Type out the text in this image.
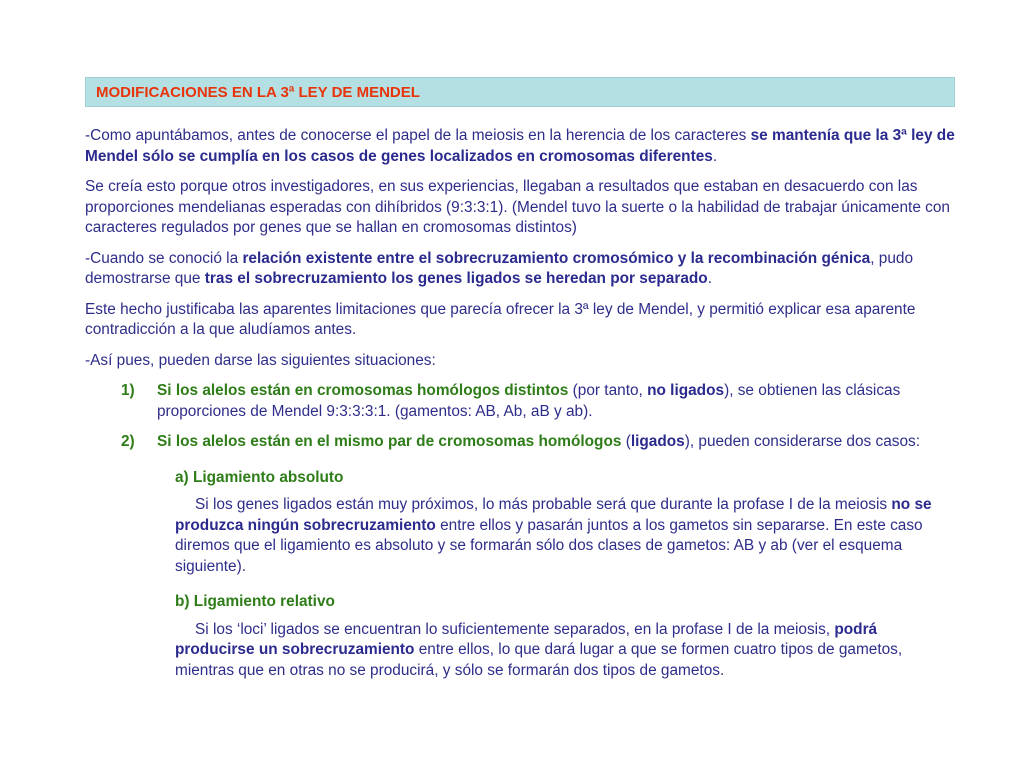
MODIFICACIONES EN LA 3ª LEY DE MENDEL

-Como apuntábamos, antes de conocerse el papel de la meiosis en la herencia de los caracteres se mantenía que la 3ª ley de Mendel sólo se cumplía en los casos de genes localizados en cromosomas diferentes.

Se creía esto porque otros investigadores, en sus experiencias, llegaban a resultados que estaban en desacuerdo con las proporciones mendelianas esperadas con dihíbridos (9:3:3:1). (Mendel tuvo la suerte o la habilidad de trabajar únicamente con caracteres regulados por genes que se hallan en cromosomas distintos)

-Cuando se conoció la relación existente entre el sobrecruzamiento cromosómico y la recombinación génica, pudo demostrarse que tras el sobrecruzamiento los genes ligados se heredan por separado.

Este hecho justificaba las aparentes limitaciones que parecía ofrecer la 3ª ley de Mendel, y permitió explicar esa aparente contradicción a la que aludíamos antes.

-Así pues, pueden darse las siguientes situaciones:

1)	Si los alelos están en cromosomas homólogos distintos (por tanto, no ligados), se obtienen las clásicas proporciones de Mendel 9:3:3:3:1. (gamentos: AB, Ab, aB y ab).
2)	Si los alelos están en el mismo par de cromosomas homólogos (ligados), pueden considerarse dos casos:

a) Ligamiento absoluto

Si los genes ligados están muy próximos, lo más probable será que durante la profase I de la meiosis no se produzca ningún sobrecruzamiento entre ellos y pasarán juntos a los gametos sin separarse. En este caso diremos que el ligamiento es absoluto y se formarán sólo dos clases de gametos: AB y ab (ver el esquema siguiente).

b) Ligamiento relativo

Si los ‘loci’ ligados se encuentran lo suficientemente separados, en la profase I de la meiosis, podrá producirse un sobrecruzamiento entre ellos, lo que dará lugar a que se formen cuatro tipos de gametos, mientras que en otras no se producirá, y sólo se formarán dos tipos de gametos.
